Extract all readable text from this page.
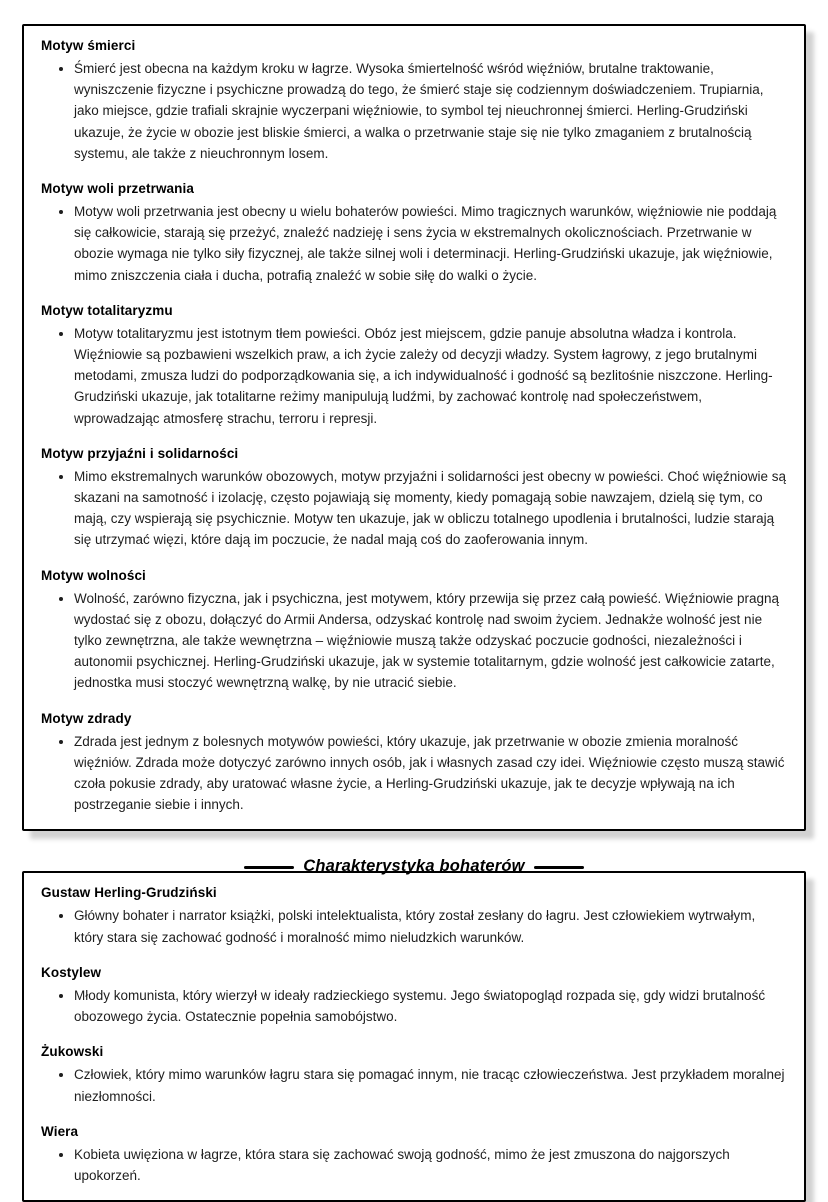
Motyw śmierci
• Śmierć jest obecna na każdym kroku w łagrze. Wysoka śmiertelność wśród więźniów, brutalne traktowanie, wyniszczenie fizyczne i psychiczne prowadzą do tego, że śmierć staje się codziennym doświadczeniem. Trupiarnia, jako miejsce, gdzie trafiali skrajnie wyczerpani więźniowie, to symbol tej nieuchronnej śmierci. Herling-Grudziński ukazuje, że życie w obozie jest bliskie śmierci, a walka o przetrwanie staje się nie tylko zmaganiem z brutalnością systemu, ale także z nieuchronnym losem.
Motyw woli przetrwania
• Motyw woli przetrwania jest obecny u wielu bohaterów powieści. Mimo tragicznych warunków, więźniowie nie poddają się całkowicie, starają się przeżyć, znaleźć nadzieję i sens życia w ekstremalnych okolicznościach. Przetrwanie w obozie wymaga nie tylko siły fizycznej, ale także silnej woli i determinacji. Herling-Grudziński ukazuje, jak więźniowie, mimo zniszczenia ciała i ducha, potrafią znaleźć w sobie siłę do walki o życie.
Motyw totalitaryzmu
• Motyw totalitaryzmu jest istotnym tłem powieści. Obóz jest miejscem, gdzie panuje absolutna władza i kontrola. Więźniowie są pozbawieni wszelkich praw, a ich życie zależy od decyzji władzy. System łagrowy, z jego brutalnymi metodami, zmusza ludzi do podporządkowania się, a ich indywidualność i godność są bezlitośnie niszczone. Herling-Grudziński ukazuje, jak totalitarne reżimy manipulują ludźmi, by zachować kontrolę nad społeczeństwem, wprowadzając atmosferę strachu, terroru i represji.
Motyw przyjaźni i solidarności
• Mimo ekstremalnych warunków obozowych, motyw przyjaźni i solidarności jest obecny w powieści. Choć więźniowie są skazani na samotność i izolację, często pojawiają się momenty, kiedy pomagają sobie nawzajem, dzielą się tym, co mają, czy wspierają się psychicznie. Motyw ten ukazuje, jak w obliczu totalnego upodlenia i brutalności, ludzie starają się utrzymać więzi, które dają im poczucie, że nadal mają coś do zaoferowania innym.
Motyw wolności
• Wolność, zarówno fizyczna, jak i psychiczna, jest motywem, który przewija się przez całą powieść. Więźniowie pragną wydostać się z obozu, dołączyć do Armii Andersa, odzyskać kontrolę nad swoim życiem. Jednakże wolność jest nie tylko zewnętrzna, ale także wewnętrzna – więźniowie muszą także odzyskać poczucie godności, niezależności i autonomii psychicznej. Herling-Grudziński ukazuje, jak w systemie totalitarnym, gdzie wolność jest całkowicie zatarte, jednostka musi stoczyć wewnętrzną walkę, by nie utracić siebie.
Motyw zdrady
• Zdrada jest jednym z bolesnych motywów powieści, który ukazuje, jak przetrwanie w obozie zmienia moralność więźniów. Zdrada może dotyczyć zarówno innych osób, jak i własnych zasad czy idei. Więźniowie często muszą stawić czoła pokusie zdrady, aby uratować własne życie, a Herling-Grudziński ukazuje, jak te decyzje wpływają na ich postrzeganie siebie i innych.
Charakterystyka bohaterów
Gustaw Herling-Grudziński
• Główny bohater i narrator książki, polski intelektualista, który został zesłany do łagru. Jest człowiekiem wytrwałym, który stara się zachować godność i moralność mimo nieludzkich warunków.
Kostylew
• Młody komunista, który wierzył w ideały radzieckiego systemu. Jego światopogląd rozpada się, gdy widzi brutalność obozowego życia. Ostatecznie popełnia samobójstwo.
Żukowski
• Człowiek, który mimo warunków łagru stara się pomagać innym, nie tracąc człowieczeństwa. Jest przykładem moralnej niezłomności.
Wiera
• Kobieta uwięziona w łagrze, która stara się zachować swoją godność, mimo że jest zmuszona do najgorszych upokorzeń.
